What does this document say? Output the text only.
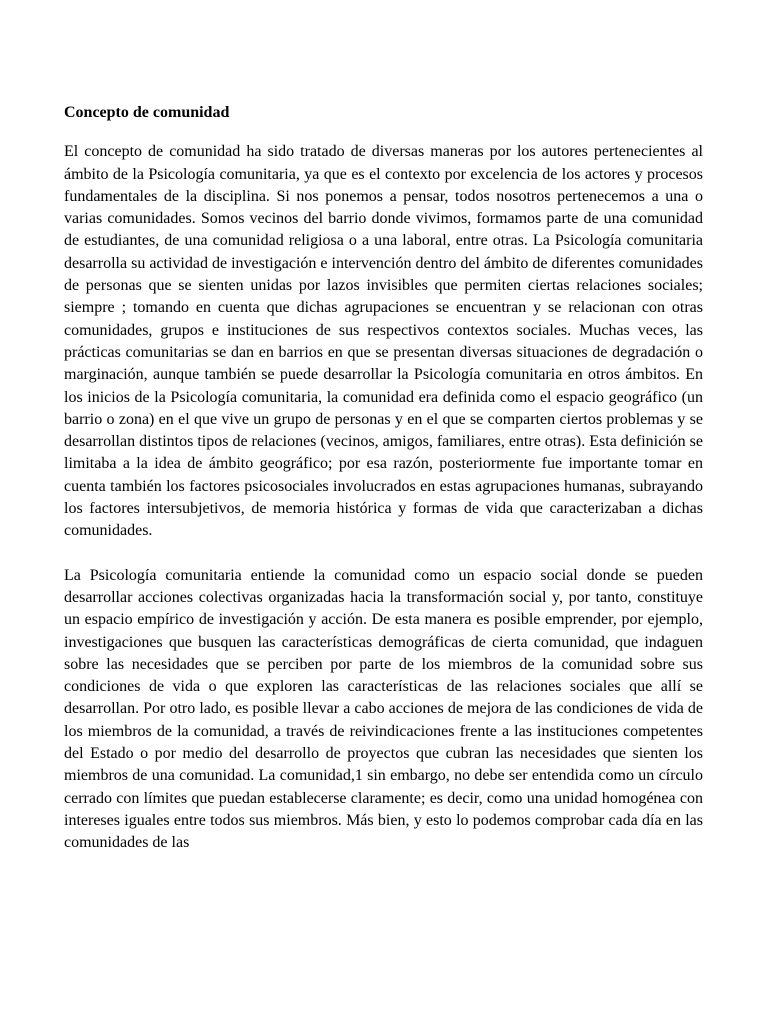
Concepto de comunidad

El concepto de comunidad ha sido tratado de diversas maneras por los autores pertenecientes al ámbito de la Psicología comunitaria, ya que es el contexto por excelencia de los actores y procesos fundamentales de la disciplina. Si nos ponemos a pensar, todos nosotros pertenecemos a una o varias comunidades. Somos vecinos del barrio donde vivimos, formamos parte de una comunidad de estudiantes, de una comunidad religiosa o a una laboral, entre otras. La Psicología comunitaria desarrolla su actividad de investigación e intervención dentro del ámbito de diferentes comunidades de personas que se sienten unidas por lazos invisibles que permiten ciertas relaciones sociales; siempre ; tomando en cuenta que dichas agrupaciones se encuentran y se relacionan con otras comunidades, grupos e instituciones de sus respectivos contextos sociales. Muchas veces, las prácticas comunitarias se dan en barrios en que se presentan diversas situaciones de degradación o marginación, aunque también se puede desarrollar la Psicología comunitaria en otros ámbitos. En los inicios de la Psicología comunitaria, la comunidad era definida como el espacio geográfico (un barrio o zona) en el que vive un grupo de personas y en el que se comparten ciertos problemas y se desarrollan distintos tipos de relaciones (vecinos, amigos, familiares, entre otras). Esta definición se limitaba a la idea de ámbito geográfico; por esa razón, posteriormente fue importante tomar en cuenta también los factores psicosociales involucrados en estas agrupaciones humanas, subrayando los factores intersubjetivos, de memoria histórica y formas de vida que caracterizaban a dichas comunidades.

La Psicología comunitaria entiende la comunidad como un espacio social donde se pueden desarrollar acciones colectivas organizadas hacia la transformación social y, por tanto, constituye un espacio empírico de investigación y acción. De esta manera es posible emprender, por ejemplo, investigaciones que busquen las características demográficas de cierta comunidad, que indaguen sobre las necesidades que se perciben por parte de los miembros de la comunidad sobre sus condiciones de vida o que exploren las características de las relaciones sociales que allí se desarrollan. Por otro lado, es posible llevar a cabo acciones de mejora de las condiciones de vida de los miembros de la comunidad, a través de reivindicaciones frente a las instituciones competentes del Estado o por medio del desarrollo de proyectos que cubran las necesidades que sienten los miembros de una comunidad. La comunidad,1 sin embargo, no debe ser entendida como un círculo cerrado con límites que puedan establecerse claramente; es decir, como una unidad homogénea con intereses iguales entre todos sus miembros. Más bien, y esto lo podemos comprobar cada día en las comunidades de las
